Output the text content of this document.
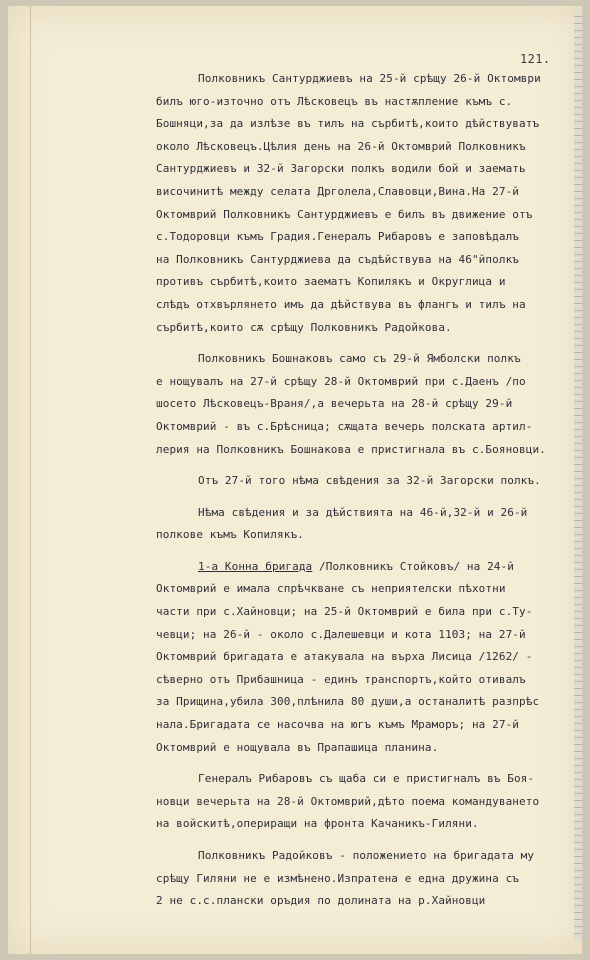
121.
Полковникъ Сантурджиевъ на 25-й срѣщу 26-й Октомври
билъ юго-източно отъ Лѣсковецъ въ настѫпление къмъ с.
Бошняци,за да излѣзе въ тилъ на сърбитѣ,които дѣйствуватъ
около Лѣсковецъ.Цѣлия день на 26-й Октомврий Полковникъ
Сантурджиевъ и 32-й Загорски полкъ водили бой и заемать
височинитѣ между селата Дрголела,Славовци,Вина.На 27-й
Октомврий Полковникъ Сантурджиевъ е билъ въ движение отъ
с.Тодоровци къмъ Градия.Генералъ Рибаровъ е заповѣдалъ
на Полковникъ Сантурджиева да съдѣйствува на 46"йполкъ
противъ сърбитѣ,които заематъ Копилякъ и Округлица и
слѣдъ отхвърлянето имъ да дѣйствува въ флангъ и тилъ на
сърбитѣ,които сѫ срѣщу Полковникъ Радойкова.
Полковникъ Бошнаковъ само съ 29-й Ямболски полкъ
е нощувалъ на 27-й срѣщу 28-й Октомврий при с.Даенъ /по
шосето Лѣсковецъ-Враня/,а вечерьта на 28-й срѣщу 29-й
Октомврий - въ с.Брѣсница; сѫщата вечерь полската артил-
лерия на Полковникъ Бошнакова е пристигнала въ с.Бояновци.
Отъ 27-й того нѣма свѣдения за 32-й Загорски полкъ.
Нѣма свѣдения и за дѣйствията на 46-й,32-й и 26-й
полкове къмъ Копилякъ.
1-а Конна бригада /Полковникъ Стойковъ/ на 24-й
Октомврий е имала спрѣчкване съ неприятелски пѣхотни
части при с.Хайновци; на 25-й Октомврий е била при с.Ту-
чевци; на 26-й - около с.Далешевци и кота 1103; на 27-й
Октомврий бригадата е атакувала на върха Лисица /1262/ -
сѣверно отъ Прибашница - единъ транспортъ,който отивалъ
за Прищина,убила 300,плѣнила 80 души,а останалитѣ разпрѣс
нала.Бригадата се насочва на югъ къмъ Мраморъ; на 27-й
Октомврий е нощувала въ Прапашица планина.
Генералъ Рибаровъ съ щаба си е пристигналъ въ Боя-
новци вечерьта на 28-й Октомврий,дѣто поема командуването
на войскитѣ,опериращи на фронта Качаникъ-Гиляни.
Полковникъ Радойковъ - положението на бригадата му
срѣщу Гиляни не е измѣнено.Изпратена е една дружина съ
2 не с.с.плански оръдия по долината на р.Хайновци
